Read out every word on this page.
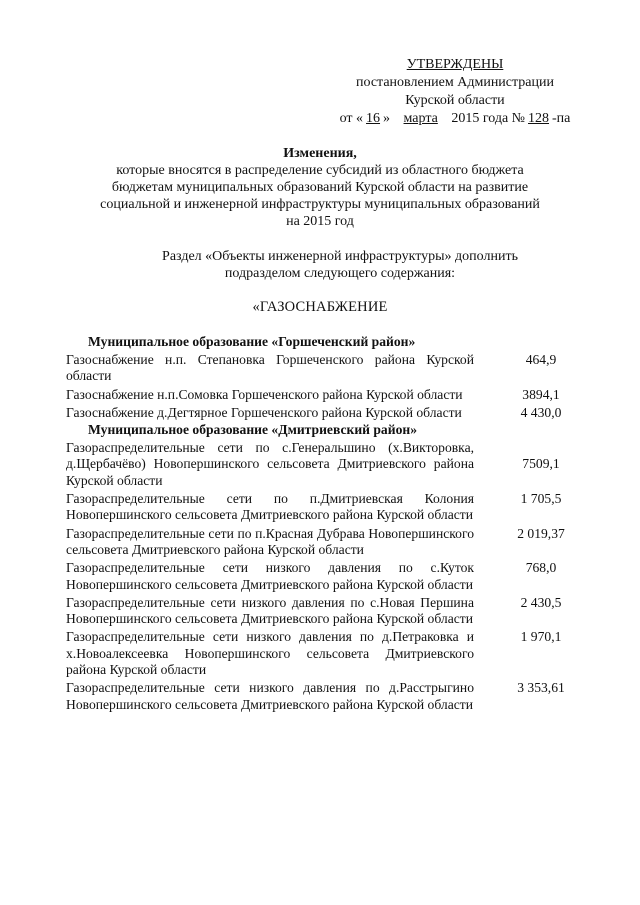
УТВЕРЖДЕНЫ
постановлением Администрации
Курской области
от « 16 » марта 2015 года № 128 -па
Изменения,
которые вносятся в распределение субсидий из областного бюджета
бюджетам муниципальных образований Курской области на развитие
социальной и инженерной инфраструктуры муниципальных образований
на 2015 год
Раздел «Объекты инженерной инфраструктуры» дополнить
подразделом следующего содержания:
«ГАЗОСНАБЖЕНИЕ
Муниципальное образование «Горшеченский район»
Газоснабжение н.п. Степановка Горшеченского района Курской области
464,9
Газоснабжение н.п.Сомовка Горшеченского района Курской области	3894,1
Газоснабжение д.Дегтярное Горшеченского района Курской области	4 430,0
Муниципальное образование «Дмитриевский район»
Газораспределительные сети по с.Генеральшино (х.Викторовка, д.Щербачёво) Новопершинского сельсовета Дмитриевского района Курской области
7509,1
Газораспределительные сети по п.Дмитриевская Колония Новопершинского сельсовета Дмитриевского района Курской области
1 705,5
Газораспределительные сети по п.Красная Дубрава Новопершинского сельсовета Дмитриевского района Курской области
2 019,37
Газораспределительные сети низкого давления по с.Куток Новопершинского сельсовета Дмитриевского района Курской области
768,0
Газораспределительные сети низкого давления по с.Новая Першина Новопершинского сельсовета Дмитриевского района Курской области
2 430,5
Газораспределительные сети низкого давления по д.Петраковка и х.Новоалексеевка Новопершинского сельсовета Дмитриевского района Курской области
1 970,1
Газораспределительные сети низкого давления по д.Расстрыгино Новопершинского сельсовета Дмитриевского района Курской области
3 353,61
